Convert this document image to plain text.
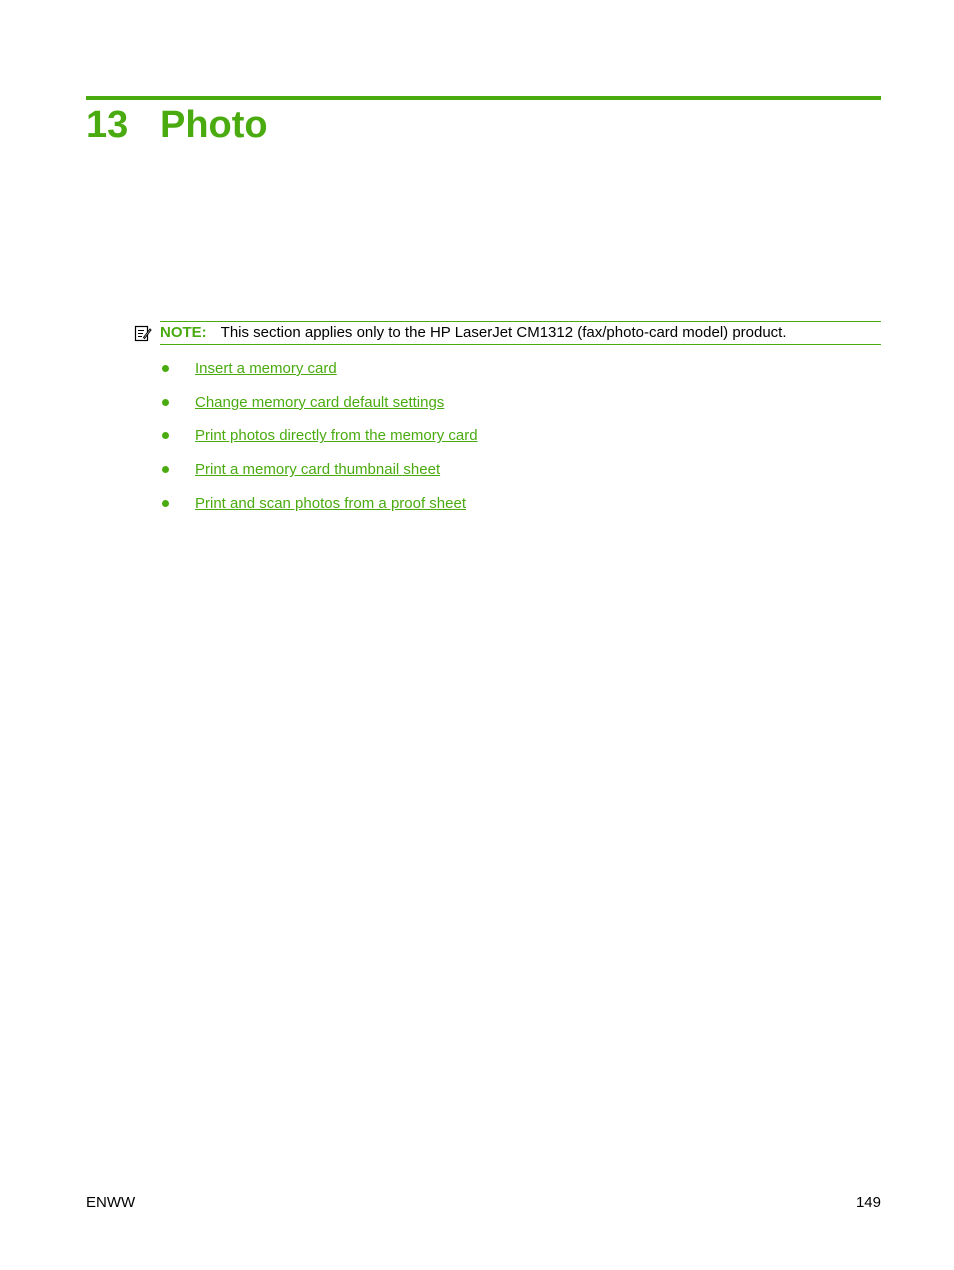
13 Photo
NOTE: This section applies only to the HP LaserJet CM1312 (fax/photo-card model) product.
Insert a memory card
Change memory card default settings
Print photos directly from the memory card
Print a memory card thumbnail sheet
Print and scan photos from a proof sheet
ENWW	149
